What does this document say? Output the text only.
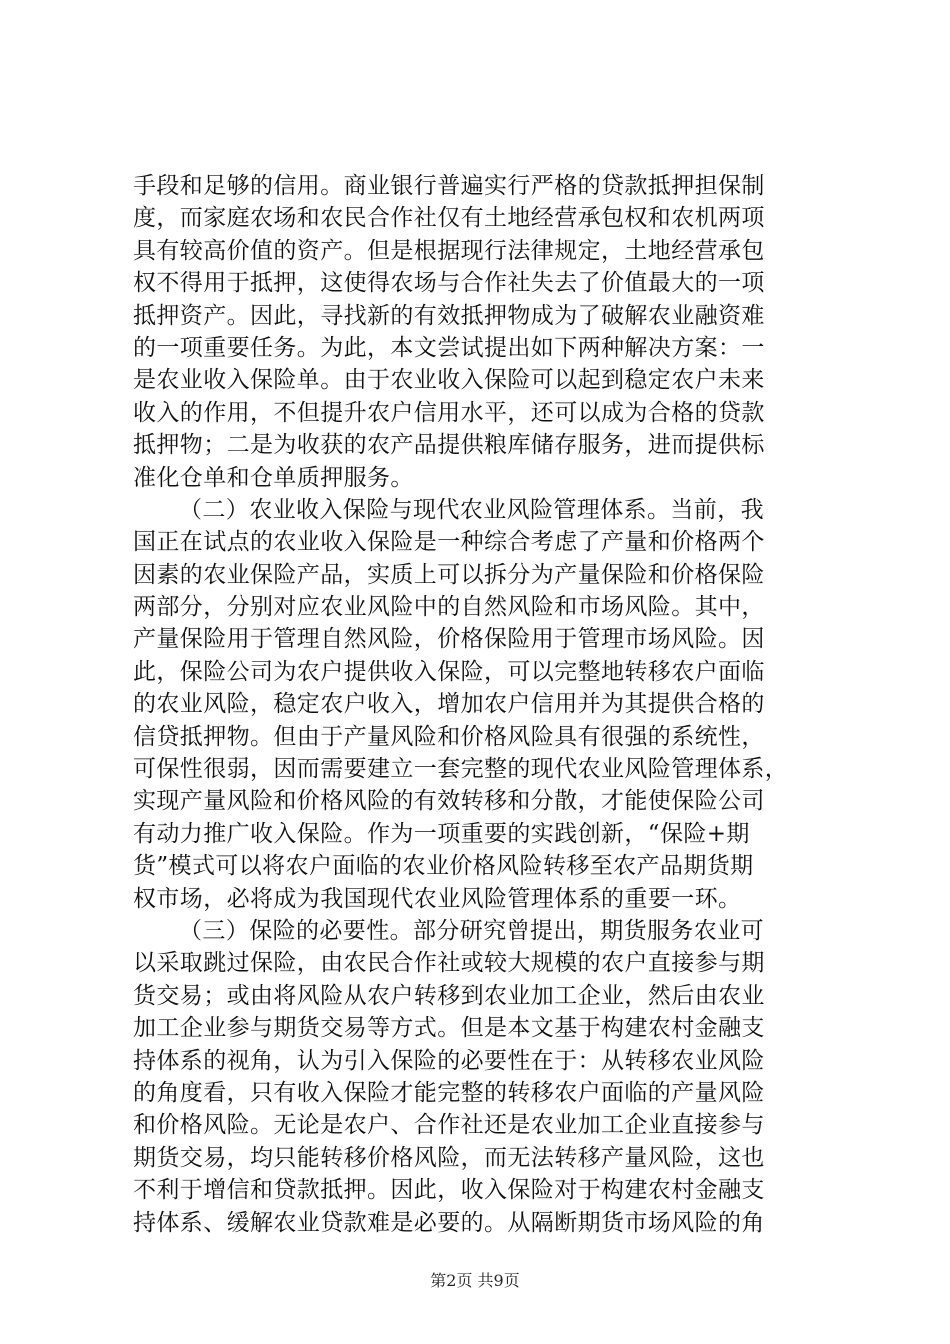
手段和足够的信用。商业银行普遍实行严格的贷款抵押担保制
度，而家庭农场和农民合作社仅有土地经营承包权和农机两项
具有较高价值的资产。但是根据现行法律规定，土地经营承包
权不得用于抵押，这使得农场与合作社失去了价值最大的一项
抵押资产。因此，寻找新的有效抵押物成为了破解农业融资难
的一项重要任务。为此，本文尝试提出如下两种解决方案：一
是农业收入保险单。由于农业收入保险可以起到稳定农户未来
收入的作用，不但提升农户信用水平，还可以成为合格的贷款
抵押物；二是为收获的农产品提供粮库储存服务，进而提供标
准化仓单和仓单质押服务。
（二）农业收入保险与现代农业风险管理体系。当前，我
国正在试点的农业收入保险是一种综合考虑了产量和价格两个
因素的农业保险产品，实质上可以拆分为产量保险和价格保险
两部分，分别对应农业风险中的自然风险和市场风险。其中，
产量保险用于管理自然风险，价格保险用于管理市场风险。因
此，保险公司为农户提供收入保险，可以完整地转移农户面临
的农业风险，稳定农户收入，增加农户信用并为其提供合格的
信贷抵押物。但由于产量风险和价格风险具有很强的系统性，
可保性很弱，因而需要建立一套完整的现代农业风险管理体系，
实现产量风险和价格风险的有效转移和分散，才能使保险公司
有动力推广收入保险。作为一项重要的实践创新，“保险+期
货”模式可以将农户面临的农业价格风险转移至农产品期货期
权市场，必将成为我国现代农业风险管理体系的重要一环。
（三）保险的必要性。部分研究曾提出，期货服务农业可
以采取跳过保险，由农民合作社或较大规模的农户直接参与期
货交易；或由将风险从农户转移到农业加工企业，然后由农业
加工企业参与期货交易等方式。但是本文基于构建农村金融支
持体系的视角，认为引入保险的必要性在于：从转移农业风险
的角度看，只有收入保险才能完整的转移农户面临的产量风险
和价格风险。无论是农户、合作社还是农业加工企业直接参与
期货交易，均只能转移价格风险，而无法转移产量风险，这也
不利于增信和贷款抵押。因此，收入保险对于构建农村金融支
持体系、缓解农业贷款难是必要的。从隔断期货市场风险的角
第2页 共9页
